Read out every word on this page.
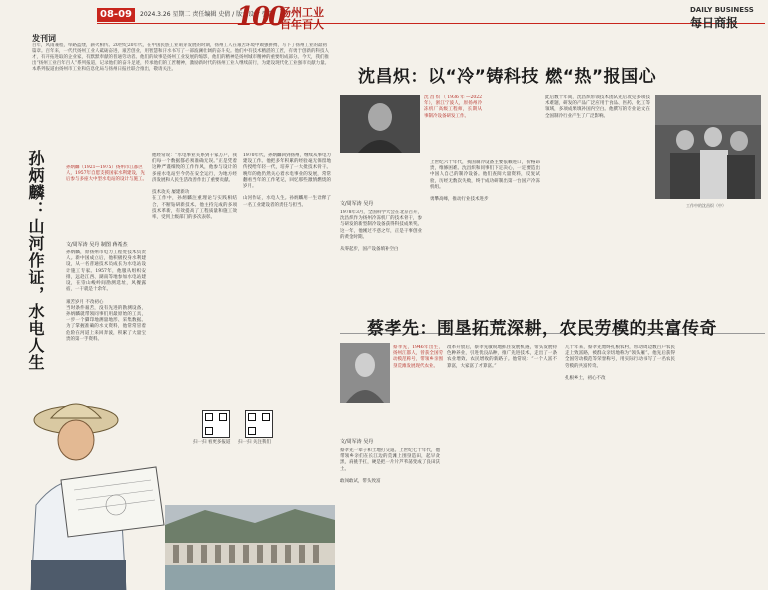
08-09	2024.3.26 星期二 责任编辑 史倩 / 版式设计 张蕾
100
杨州工业
百年百人
DAILY BUSINESS
每日商报
发刊词
百年，风雨兼程，筚路蓝缕，薪火相传。20世纪20年代，在中国民族工业萌芽发展的时期，扬州工人在艰苦环境中顽强拼搏，写下了扬州工业的最初篇章。百年来，一代代扬州工业人砥砺奋进，艰苦创业，用智慧和汗水书写了一部波澜壮阔的奋斗史。他们中有技术精湛的工匠，有勇于创新的科技人才，有开拓进取的企业家，有默默奉献的普通劳动者。他们的故事是扬州工业发展的缩影，他们的精神是扬州城市精神的重要组成部分。今天，我们推出“扬州工业百年百人”系列报道，记录他们的奋斗足迹，传承他们的工匠精神，激励新时代的扬州工业人继续前行，为建设现代化工业强市贡献力量。本系列报道由扬州市工业和信息化局与扬州日报社联合推出，敬请关注。
孙炳麟：山河作证，水电人生	孙炳麟（1921—1975）扬州市江都区人，1957年自愿支援国家水利建设，先后参与多座大中型水电站的设计与施工。
文/周军涛 吴丹 制图 蒋希杰
孙炳麟，原扬州市电力工程处技术负责人。新中国成立后，他积极投身水利建设，从一名普通技术员成长为水电站设计施工专家。1957年，他服从组织安排，远赴江西、湖南等地参加水电站建设，在崇山峻岭间勘测选址，风餐露宿，一干就是十余年。

艰苦岁月 不改初心
当时条件艰苦，没有先进的勘测设备，孙炳麟就带领同事们用最原始的工具，一步一个脚印地测量地形、采集数据。为了掌握准确的水文资料，他常常冒着危险在河道上来回奔波，积累了大量宝贵的第一手资料。
他经常说：“水电事业关系到千家万户，我们每一个数据都必须准确无误。”正是凭着这种严谨细致的工作作风，他参与设计的多座水电站至今仍在安全运行，为地方经济发展和人民生活改善作出了重要贡献。

技术攻关 屡建新功
在工作中，孙炳麟注重理论与实践相结合，不断钻研新技术。他主持完成的多项技术革新，有效提高了工程质量和施工效率，受到上级部门的多次表彰。
1970年代，孙炳麟回到扬州，继续从事电力建设工作。他把多年积累的经验毫无保留地传授给年轻一代，培养了一大批技术骨干。晚年的他仍然关心着水电事业的发展，常常翻看当年的工作笔记，回忆那些激情燃烧的岁月。

山河作证，水电人生。孙炳麟用一生诠释了一名工业建设者的责任与担当。
扫一扫 看更多报道 扫一扫 关注我们
沈昌炽：以“冷”铸科技 燃“热”报国心
沈昌炽（1936年—2022年），浙江宁波人，原扬州冷冻机厂高级工程师，长期从事制冷设备研发工作。
文/周军涛 吴丹
1978年3月，全国科学大会在北京召开，沈昌炽作为扬州冷冻机厂的技术骨干，参与研发的新型制冷设备获得科技成果奖。这一年，他刚过不惑之年，正是干事创业的黄金时期。

从零起步，国产设备填补空白
上世纪六十年代，我国制冷设备主要依赖进口，价格昂贵，维修困难。沈昌炽和同事们下定决心，一定要造出中国人自己的制冷设备。他们查阅大量资料，反复试验，历经无数次失败，终于成功研制出第一台国产冷冻机组。

勇攀高峰，推动行业技术进步
此后数十年间，沈昌炽带领技术团队先后攻克多项技术难题，研发的产品广泛应用于食品、医药、化工等领域，多项成果填补国内空白。他撰写的专业论文在全国制冷行业产生了广泛影响。
工作中的沈昌炽（中）
蔡孝先：围垦拓荒深耕，农民劳模的共富传奇
蔡孝先，1946年出生，扬州江都人，曾获全国劳动模范称号，带领乡亲围垦荒滩发展现代农业。
文/周军涛 吴丹
蔡孝先一辈子和土地打交道。上世纪七十年代，他带领乡亲们在长江边的荒滩上围垦造田，起早贪黑，肩挑手扛，硬是把一片片芦苇荡变成了良田沃土。

敢闯敢试，带头致富
改革开放后，蔡孝先敏锐地抓住发展机遇，带头发展特色种养业，引进优良品种，推广先进技术，走出了一条农业增效、农民增收的新路子。他常说：“一个人富不算富，大家富了才算富。”
几十年来，蔡孝先始终扎根农村，带动周边数百户农民走上致富路，被群众亲切地称为“领头雁”。他先后获得全国劳动模范等荣誉称号，用实际行动书写了一名农民劳模的共富传奇。

扎根乡土，初心不改
